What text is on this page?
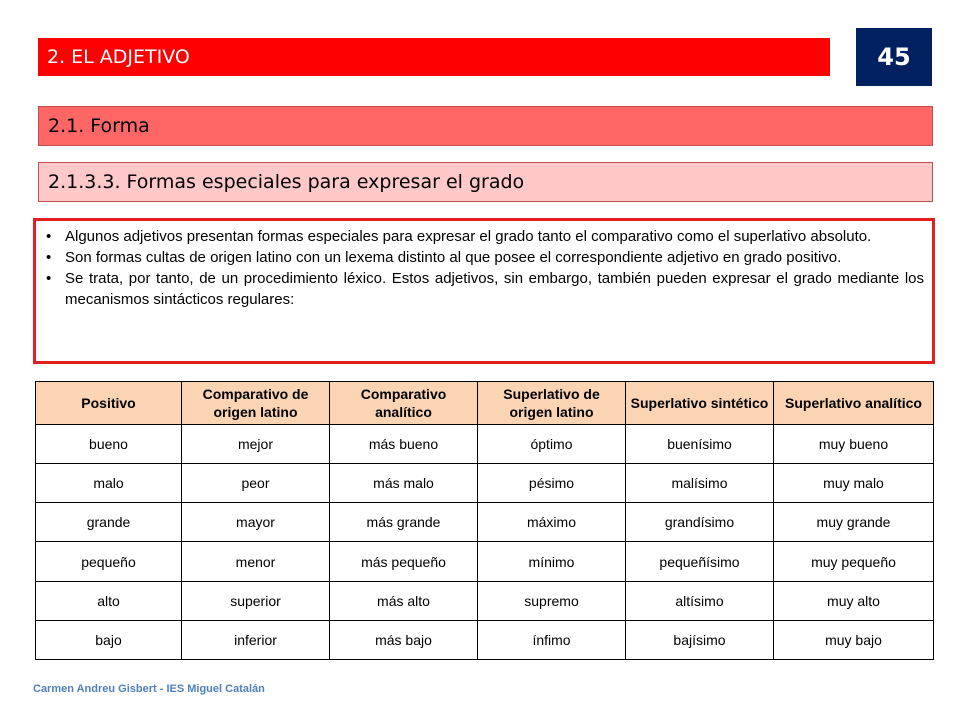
2. EL ADJETIVO	45
2.1. Forma
2.1.3.3. Formas especiales para expresar el grado
• Algunos adjetivos presentan formas especiales para expresar el grado tanto el comparativo como el superlativo absoluto.
• Son formas cultas de origen latino con un lexema distinto al que posee el correspondiente adjetivo en grado positivo.
• Se trata, por tanto, de un procedimiento léxico. Estos adjetivos, sin embargo, también pueden expresar el grado mediante los mecanismos sintácticos regulares:
Positivo	Comparativo de origen latino	Comparativo analítico	Superlativo de origen latino	Superlativo sintético	Superlativo analítico
bueno	mejor	más bueno	óptimo	buenísimo	muy bueno
malo	peor	más malo	pésimo	malísimo	muy malo
grande	mayor	más grande	máximo	grandísimo	muy grande
pequeño	menor	más pequeño	mínimo	pequeñísimo	muy pequeño
alto	superior	más alto	supremo	altísimo	muy alto
bajo	inferior	más bajo	ínfimo	bajísimo	muy bajo
Carmen Andreu Gisbert - IES Miguel Catalán
